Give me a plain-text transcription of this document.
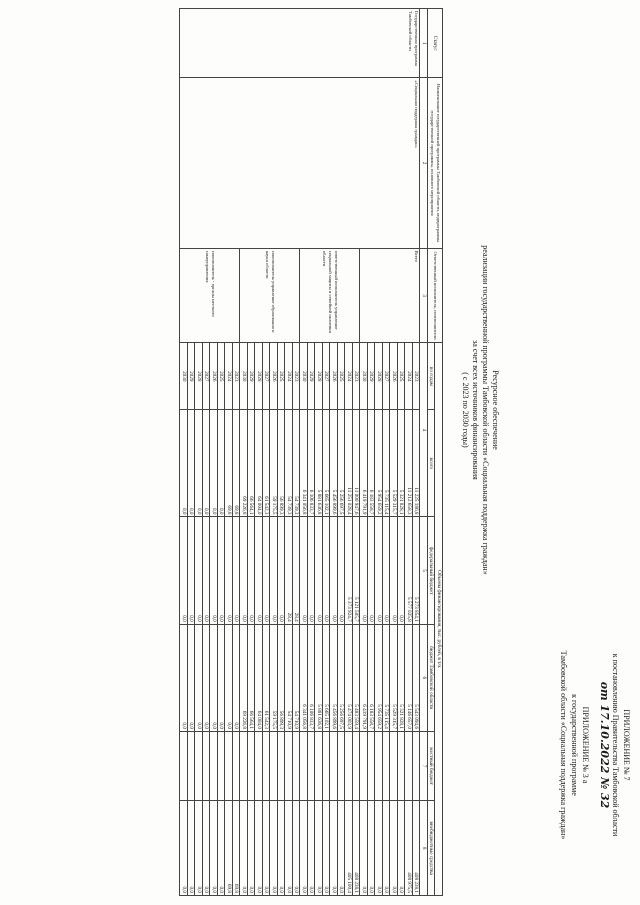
ПРИЛОЖЕНИЕ № 7
к постановлению Правительства Тамбовской области
от 17.10.2022 № 32
ПРИЛОЖЕНИЕ № 3 а
к государственной программе
Тамбовской области «Социальная поддержка граждан»
Ресурсное обеспечение
реализации государственной программы Тамбовской области «Социальная поддержка граждан»
за счет всех источников финансирования
( с 2023 по 2030 годы)
Статус	Наименование государственной программы Тамбовской области, подпрограммы государственной программы, основного мероприятия	Ответственный исполнитель, соисполнители	Объемы финансирования, тыс. рублей, в т.ч.					
			по годам	всего	федеральный бюджет	бюджет Тамбовской области	местный бюджет	внебюджетные средства
1	2	3	4		5	6	7	8
Государственная программа Тамбовской области	«Социальная поддержка граждан»	Всего	2023	11 225 186,8	5 273 854,1	5 543 094,6		408 238,1
			2024	11 212 658,3	5 577 025,8	5 146 657,0		408 975,5
			2025	5 321 828,1	0,0	5 321 828,1		0,0
			2026	5 529 315,7	0,0	5 529 315,7		0,0
			2027	5 735 115,4	0,0	5 735 115,4		0,0
			2028	5 954 659,2	0,0	5 954 659,2		0,0
			2029	6 183 558,7	0,0	6 183 558,7		0,0
			2030	6 419 791,9	0,0	6 419 791,9		0,0
		ответственный исполнитель управление социальной защиты и семейной политики области	2023	11 000 947,6	5 121 505,7	5 483 559,4		408 238,1
			2024	11 251 028,4	5 373 924,7	5 474 003,9		405 100,4
			2025	5 256 697,5	0,0	5 256 697,5		0,0
			2026	5 456 899,6	0,0	5 456 899,6		0,0
			2027	5 665 102,1	0,0	5 665 102,1		0,0
			2028	5 881 636,8	0,0	5 881 636,8		0,0
			2029	6 106 833,7	0,0	6 106 833,7		0,0
			2030	6 341 056,8	0,0	6 341 056,8		0,0
		соисполнитель управление образования и науки области	2023	54 739,3	28,4	54 710,9		0,0
			2024	54 739,3	28,4	54 710,9		0,0
			2025	56 899,3	0,0	56 899,3		0,0
			2026	59 175,5	0,0	59 175,5		0,0
			2027	61 542,3	0,0	61 542,3		0,0
			2028	64 004,0	0,0	64 004,0		0,0
			2029	66 564,1	0,0	66 564,1		0,0
			2030	69 226,8	0,0	69 226,8		0,0
		соисполнитель - органы местного самоуправления	2023	69,8	0,0	0,0		69,8
			2024	69,8	0,0	0,0		69,8
			2025	0,0	0,0	0,0		0,0
			2026	0,0	0,0	0,0		0,0
			2027	0,0	0,0	0,0		0,0
			2028	0,0	0,0	0,0		0,0
			2029	0,0	0,0	0,0		0,0
			2030	0,0	0,0	0,0		0,0
